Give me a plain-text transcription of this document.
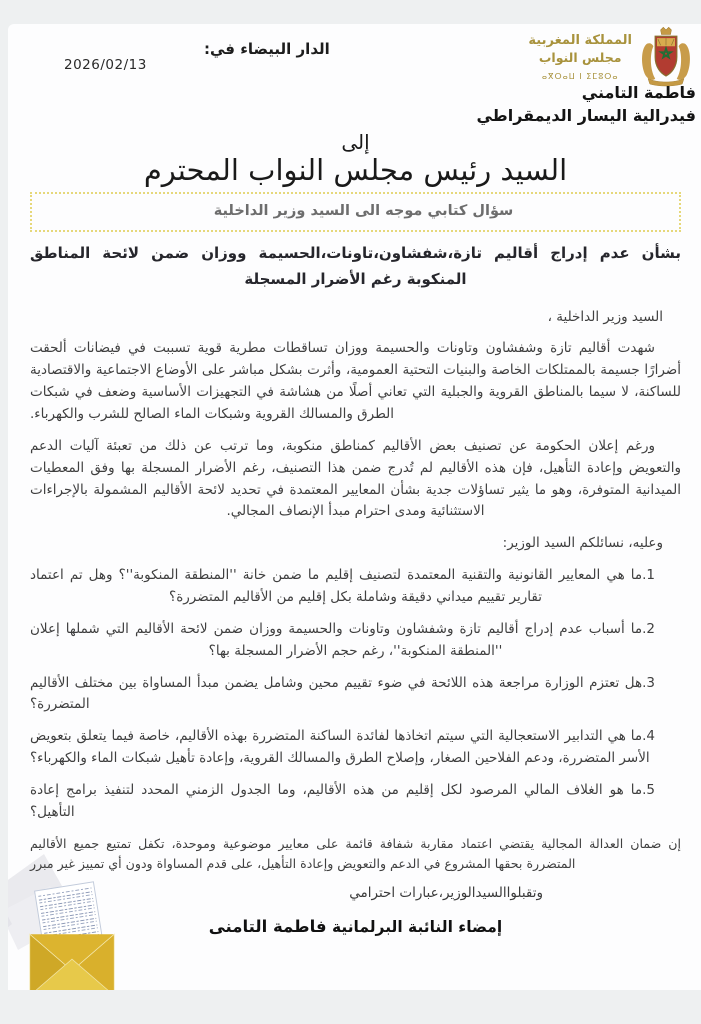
الدار البيضاء في:
2026/02/13
المملكة المغربية
مجلس النواب
ⴰⴳⵔⴰⵡ ⵏ ⵉⵎⵓⵔⴰ
فاطمة التامني
فيدرالية اليسار الديمقراطي
إلى
السيد رئيس مجلس النواب المحترم
سؤال كتابي موجه الى السيد وزير الداخلية
بشأن عدم إدراج أقاليم تازة،شفشاون،تاونات،الحسيمة ووزان ضمن لائحة المناطق المنكوبة رغم الأضرار المسجلة
السيد وزير الداخلية ،

شهدت أقاليم تازة وشفشاون وتاونات والحسيمة ووزان تساقطات مطرية قوية تسببت في فيضانات ألحقت أضرارًا جسيمة بالممتلكات الخاصة والبنيات التحتية العمومية، وأثرت بشكل مباشر على الأوضاع الاجتماعية والاقتصادية للساكنة، لا سيما بالمناطق القروية والجبلية التي تعاني أصلًا من هشاشة في التجهيزات الأساسية وضعف في شبكات الطرق والمسالك القروية وشبكات الماء الصالح للشرب والكهرباء.

ورغم إعلان الحكومة عن تصنيف بعض الأقاليم كمناطق منكوبة، وما ترتب عن ذلك من تعبئة آليات الدعم والتعويض وإعادة التأهيل، فإن هذه الأقاليم لم تُدرج ضمن هذا التصنيف، رغم الأضرار المسجلة بها وفق المعطيات الميدانية المتوفرة، وهو ما يثير تساؤلات جدية بشأن المعايير المعتمدة في تحديد لائحة الأقاليم المشمولة بالإجراءات الاستثنائية ومدى احترام مبدأ الإنصاف المجالي.

وعليه، نسائلكم السيد الوزير:

1.ما هي المعايير القانونية والتقنية المعتمدة لتصنيف إقليم ما ضمن خانة ''المنطقة المنكوبة''؟ وهل تم اعتماد تقارير تقييم ميداني دقيقة وشاملة بكل إقليم من الأقاليم المتضررة؟

2.ما أسباب عدم إدراج أقاليم تازة وشفشاون وتاونات والحسيمة ووزان ضمن لائحة الأقاليم التي شملها إعلان ''المنطقة المنكوبة''، رغم حجم الأضرار المسجلة بها؟

3.هل تعتزم الوزارة مراجعة هذه اللائحة في ضوء تقييم محين وشامل يضمن مبدأ المساواة بين مختلف الأقاليم المتضررة؟

4.ما هي التدابير الاستعجالية التي سيتم اتخاذها لفائدة الساكنة المتضررة بهذه الأقاليم، خاصة فيما يتعلق بتعويض الأسر المتضررة، ودعم الفلاحين الصغار، وإصلاح الطرق والمسالك القروية، وإعادة تأهيل شبكات الماء والكهرباء؟

5.ما هو الغلاف المالي المرصود لكل إقليم من هذه الأقاليم، وما الجدول الزمني المحدد لتنفيذ برامج إعادة التأهيل؟

إن ضمان العدالة المجالية يقتضي اعتماد مقاربة شفافة قائمة على معايير موضوعية وموحدة، تكفل تمتيع جميع الأقاليم المتضررة بحقها المشروع في الدعم والتعويض وإعادة التأهيل، على قدم المساواة ودون أي تمييز غير مبرر

وتقبلواالسيدالوزير،عبارات احترامي
إمضاء النائبة البرلمانية فاطمة التامنى
